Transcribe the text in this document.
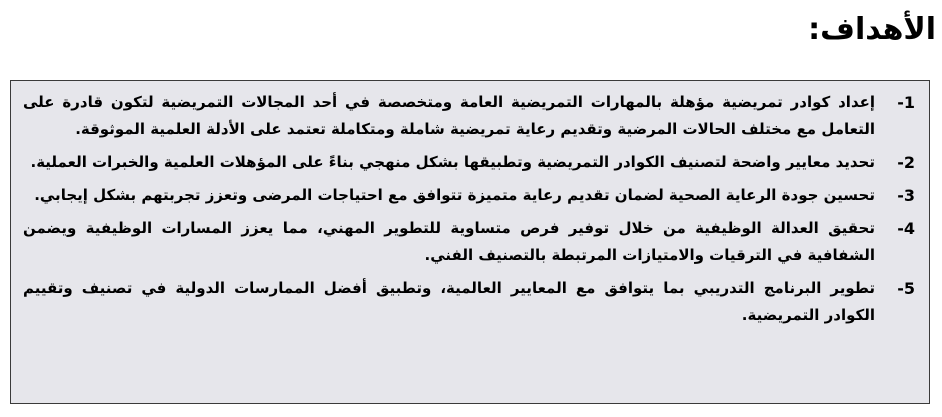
الأهداف:
-1
إعداد كوادر تمريضية مؤهلة بالمهارات التمريضية العامة ومتخصصة في أحد المجالات التمريضية لتكون قادرة على التعامل مع مختلف الحالات المرضية وتقديم رعاية تمريضية شاملة ومتكاملة تعتمد على الأدلة العلمية الموثوقة.
-2
تحديد معايير واضحة لتصنيف الكوادر التمريضية وتطبيقها بشكل منهجي بناءً على المؤهلات العلمية والخبرات العملية.
-3
تحسين جودة الرعاية الصحية لضمان تقديم رعاية متميزة تتوافق مع احتياجات المرضى وتعزز تجربتهم بشكل إيجابي.
-4
تحقيق العدالة الوظيفية من خلال توفير فرص متساوية للتطوير المهني، مما يعزز المسارات الوظيفية ويضمن الشفافية في الترقيات والامتيازات المرتبطة بالتصنيف الفني.
-5
تطوير البرنامج التدريبي بما يتوافق مع المعايير العالمية، وتطبيق أفضل الممارسات الدولية في تصنيف وتقييم الكوادر التمريضية.
